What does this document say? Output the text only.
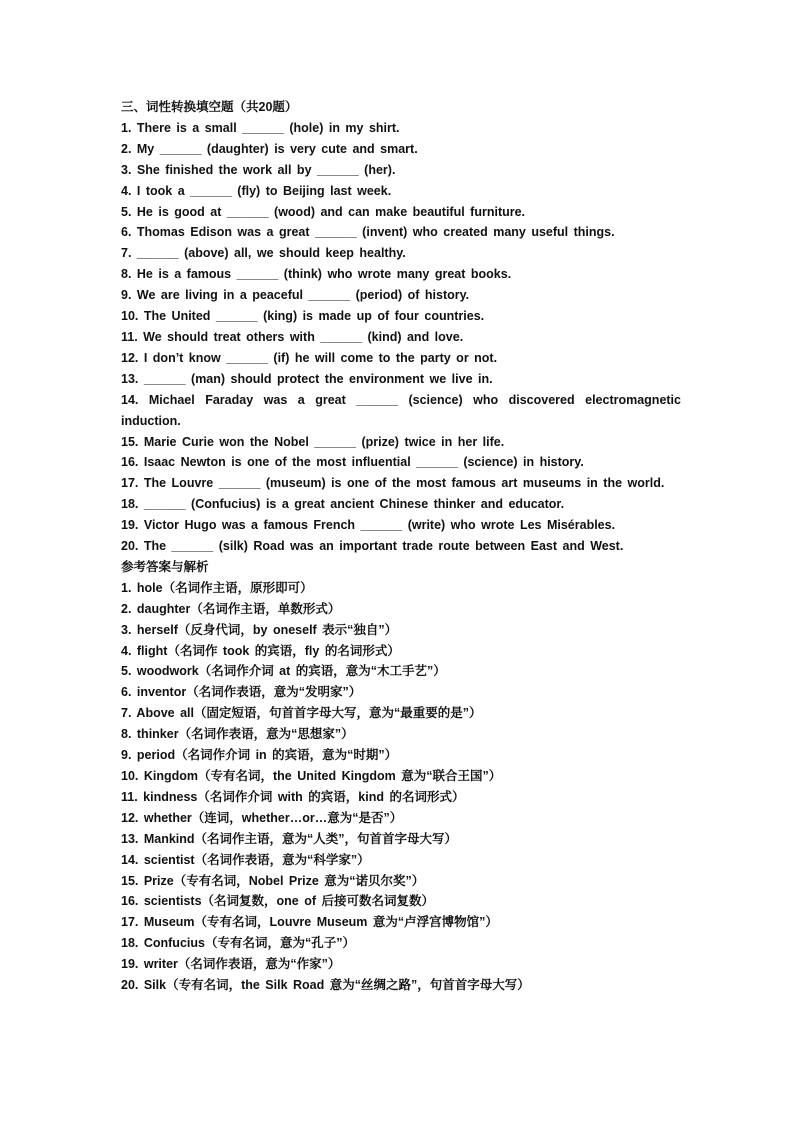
三、词性转换填空题（共20题）
1. There is a small ______ (hole) in my shirt.
2. My ______ (daughter) is very cute and smart.
3. She finished the work all by ______ (her).
4. I took a ______ (fly) to Beijing last week.
5. He is good at ______ (wood) and can make beautiful furniture.
6. Thomas Edison was a great ______ (invent) who created many useful things.
7. ______ (above) all, we should keep healthy.
8. He is a famous ______ (think) who wrote many great books.
9. We are living in a peaceful ______ (period) of history.
10. The United ______ (king) is made up of four countries.
11. We should treat others with ______ (kind) and love.
12. I don’t know ______ (if) he will come to the party or not.
13. ______ (man) should protect the environment we live in.
14. Michael Faraday was a great ______ (science) who discovered electromagnetic induction.
15. Marie Curie won the Nobel ______ (prize) twice in her life.
16. Isaac Newton is one of the most influential ______ (science) in history.
17. The Louvre ______ (museum) is one of the most famous art museums in the world.
18. ______ (Confucius) is a great ancient Chinese thinker and educator.
19. Victor Hugo was a famous French ______ (write) who wrote Les Misérables.
20. The ______ (silk) Road was an important trade route between East and West.
参考答案与解析
1. hole（名词作主语，原形即可）
2. daughter（名词作主语，单数形式）
3. herself（反身代词，by oneself 表示“独自”）
4. flight（名词作 took 的宾语，fly 的名词形式）
5. woodwork（名词作介词 at 的宾语，意为“木工手艺”）
6. inventor（名词作表语，意为“发明家”）
7. Above all（固定短语，句首首字母大写，意为“最重要的是”）
8. thinker（名词作表语，意为“思想家”）
9. period（名词作介词 in 的宾语，意为“时期”）
10. Kingdom（专有名词，the United Kingdom 意为“联合王国”）
11. kindness（名词作介词 with 的宾语，kind 的名词形式）
12. whether（连词，whether…or…意为“是否”）
13. Mankind（名词作主语，意为“人类”，句首首字母大写）
14. scientist（名词作表语，意为“科学家”）
15. Prize（专有名词，Nobel Prize 意为“诺贝尔奖”）
16. scientists（名词复数，one of 后接可数名词复数）
17. Museum（专有名词，Louvre Museum 意为“卢浮宫博物馆”）
18. Confucius（专有名词，意为“孔子”）
19. writer（名词作表语，意为“作家”）
20. Silk（专有名词，the Silk Road 意为“丝绸之路”，句首首字母大写）
